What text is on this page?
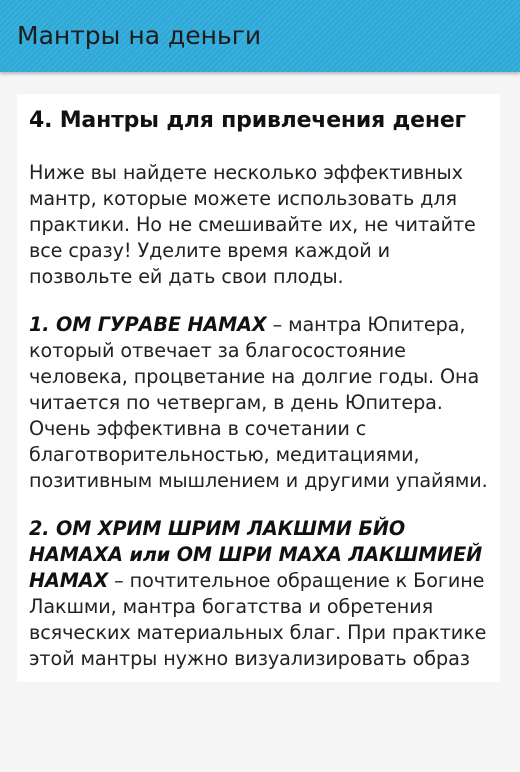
Мантры на деньги
4. Мантры для привлечения денег

Ниже вы найдете несколько эффективных мантр, которые можете использовать для практики. Но не смешивайте их, не читайте все сразу! Уделите время каждой и позвольте ей дать свои плоды.

1. ОМ ГУРАВЕ НАМАХ – мантра Юпитера, который отвечает за благосостояние человека, процветание на долгие годы. Она читается по четвергам, в день Юпитера. Очень эффективна в сочетании с благотворительностью, медитациями, позитивным мышлением и другими упайями.

2. ОМ ХРИМ ШРИМ ЛАКШМИ БЙО НАМАХА или ОМ ШРИ МАХА ЛАКШМИЕЙ НАМАХ – почтительное обращение к Богине Лакшми, мантра богатства и обретения всяческих материальных благ. При практике этой мантры нужно визуализировать образ
